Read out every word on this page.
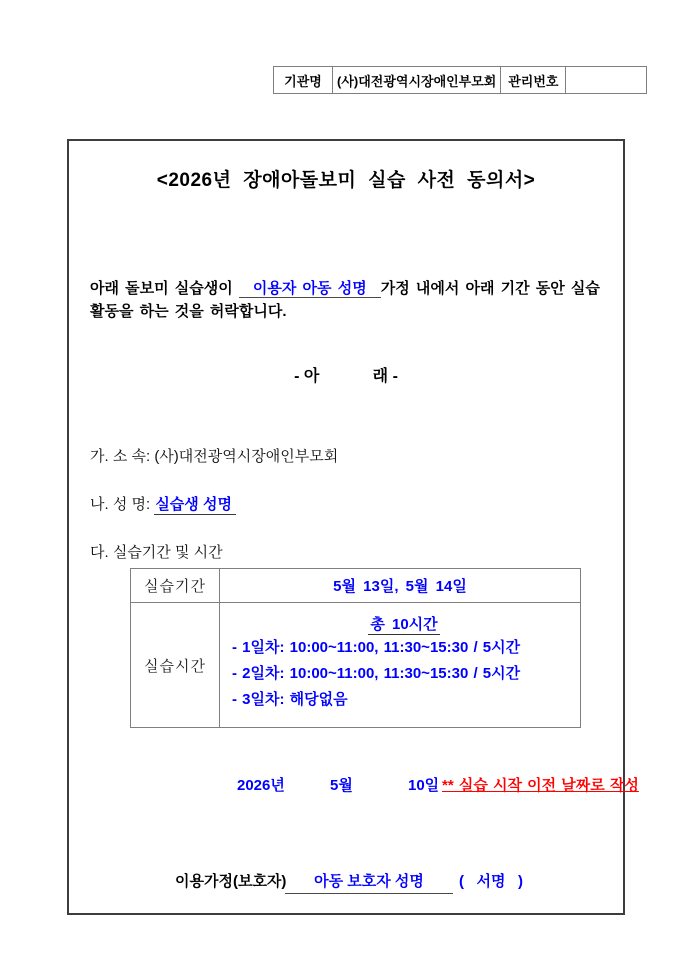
기관명	(사)대전광역시장애인부모회	관리번호	
<2026년 장애아돌보미 실습 사전 동의서>
아래 돌보미 실습생이 이용자 아동 성명 가정 내에서 아래 기간 동안 실습활동을 하는 것을 허락합니다.
- 아            래 -
가. 소 속: (사)대전광역시장애인부모회
나. 성 명: 실습생 성명
다. 실습기간 및 시간
실습기간	5월 13일, 5월 14일
실습시간	총 10시간
- 1일차: 10:00~11:00, 11:30~15:30 / 5시간
- 2일차: 10:00~11:00, 11:30~15:30 / 5시간
- 3일차: 해당없음
2026년	5월	10일 ** 실습 시작 이전 날짜로 작성
이용가정(보호자)	아동 보호자 성명	(   서명   )
